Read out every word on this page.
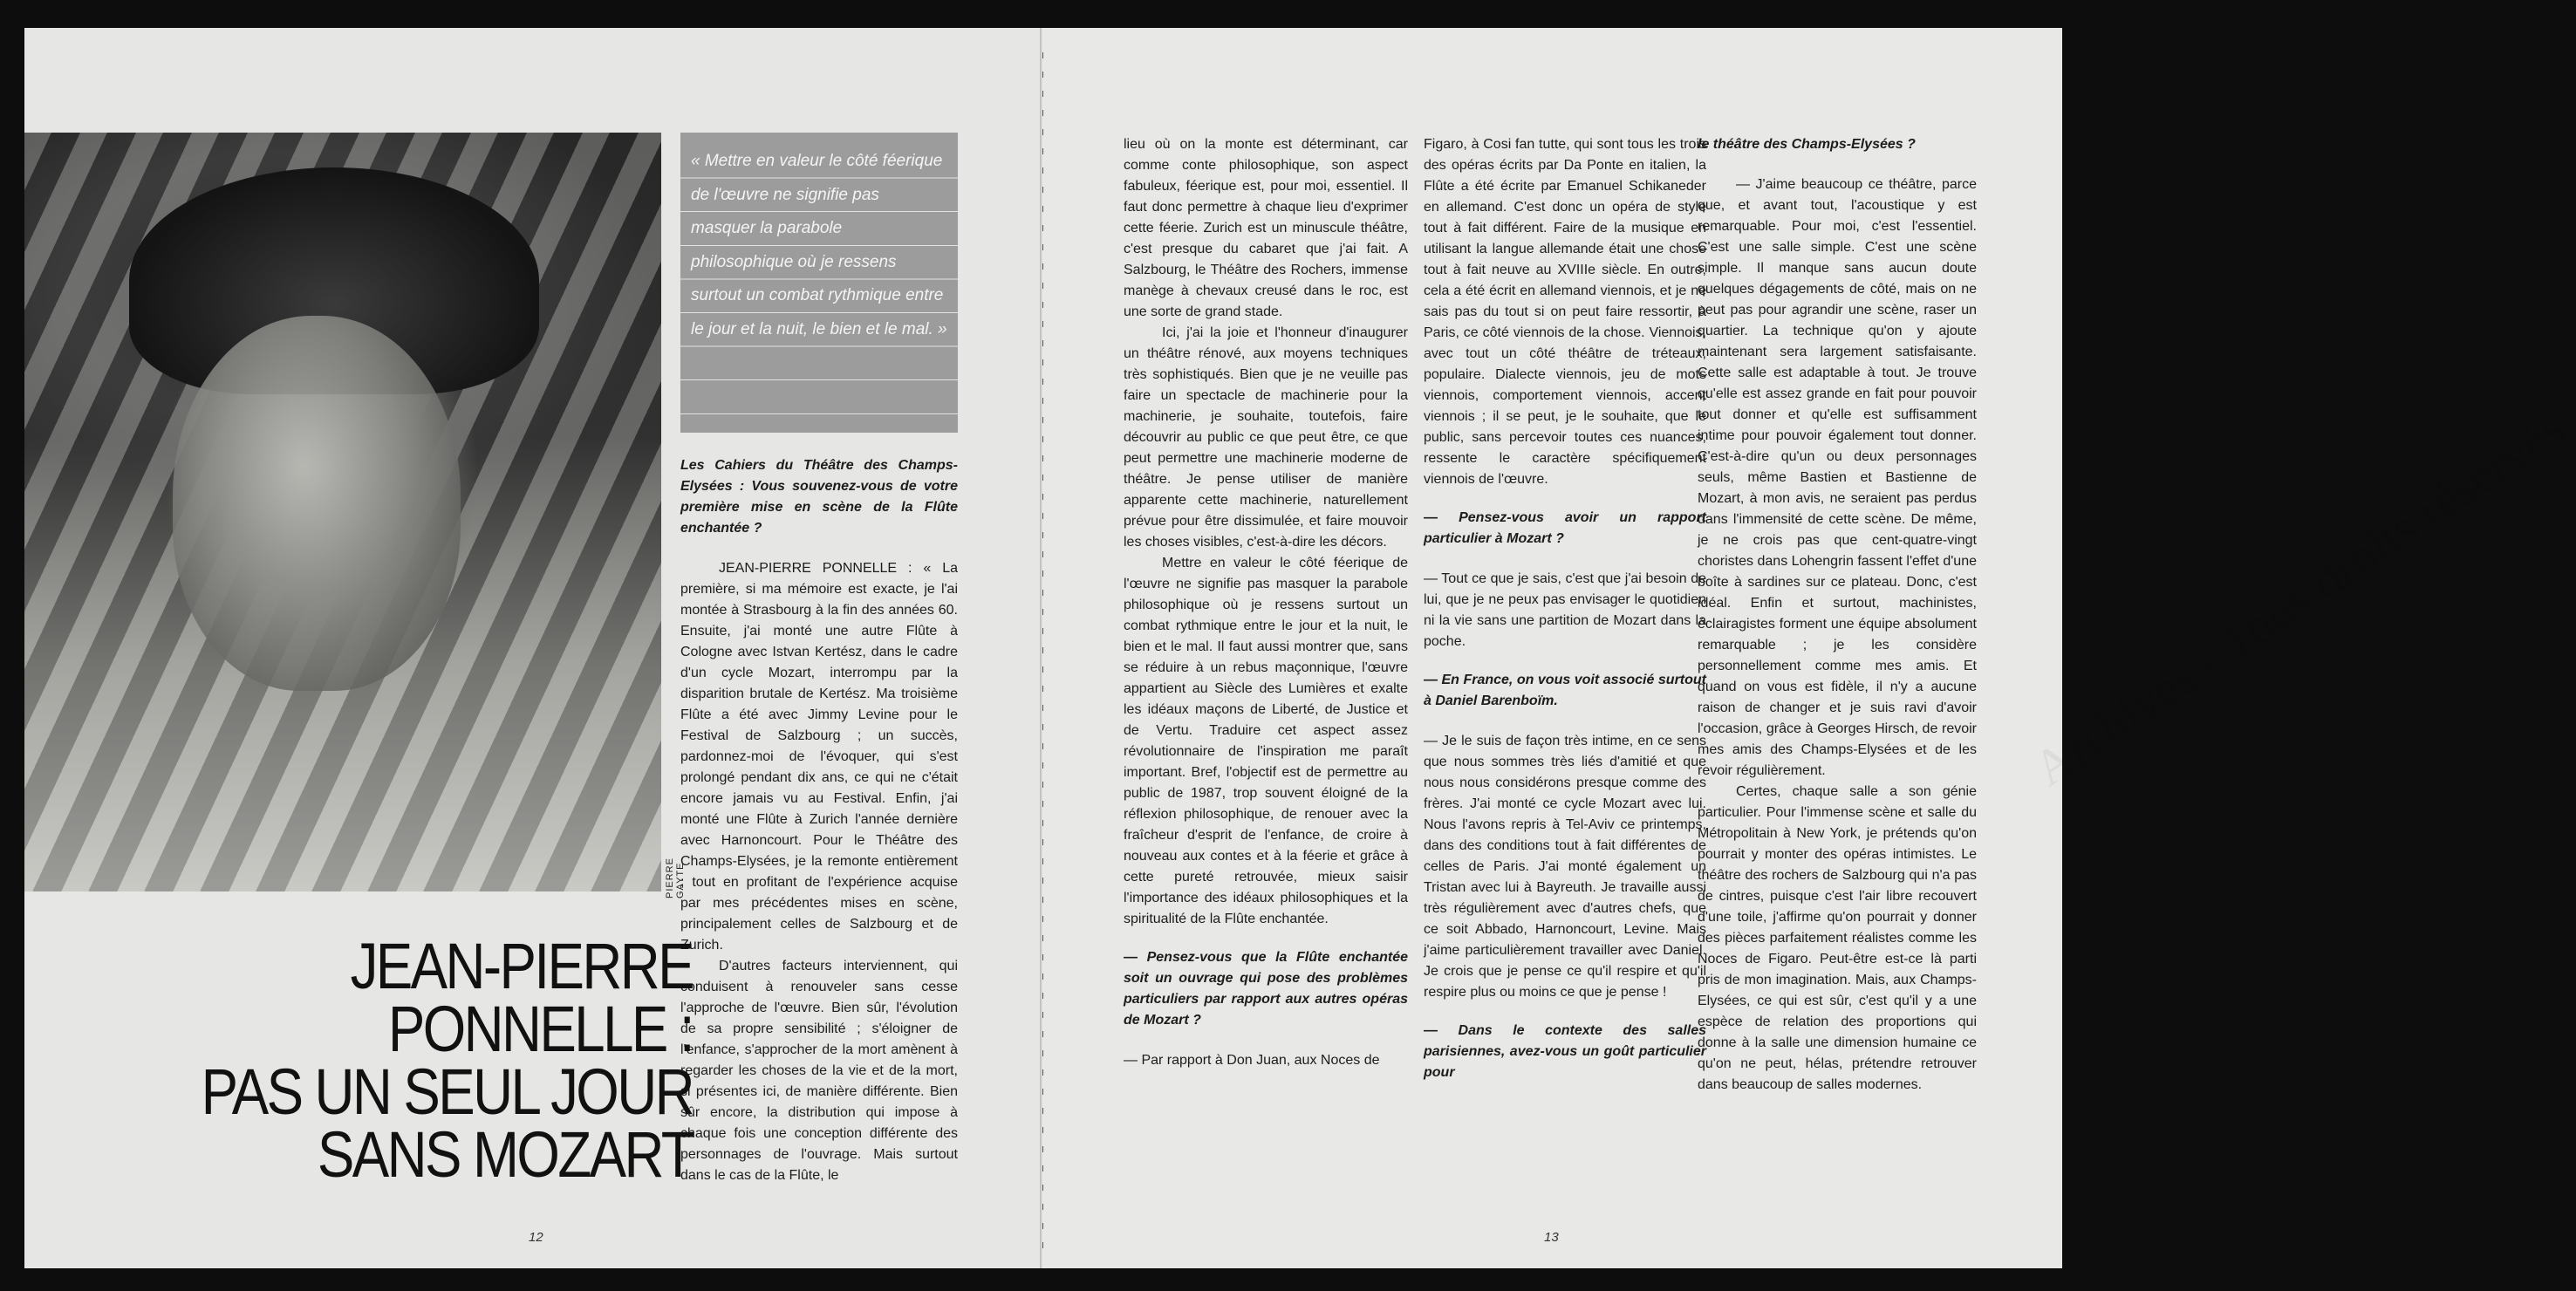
PIERRE GAYTE
« Mettre en valeur le côté féerique de l'œuvre ne signifie pas masquer la parabole philosophique où je ressens surtout un combat rythmique entre le jour et la nuit, le bien et le mal. »

Les Cahiers du Théâtre des Champs-Elysées : Vous souvenez-vous de votre première mise en scène de la Flûte enchantée ?

JEAN-PIERRE PONNELLE : « La première, si ma mémoire est exacte, je l'ai montée à Strasbourg à la fin des années 60. Ensuite, j'ai monté une autre Flûte à Cologne avec Istvan Kertész, dans le cadre d'un cycle Mozart, interrompu par la disparition brutale de Kertész. Ma troisième Flûte a été avec Jimmy Levine pour le Festival de Salzbourg ; un succès, pardonnez-moi de l'évoquer, qui s'est prolongé pendant dix ans, ce qui ne c'était encore jamais vu au Festival. Enfin, j'ai monté une Flûte à Zurich l'année dernière avec Harnoncourt. Pour le Théâtre des Champs-Elysées, je la remonte entièrement ; tout en profitant de l'expérience acquise par mes précédentes mises en scène, principalement celles de Salzbourg et de Zurich.

D'autres facteurs interviennent, qui conduisent à renouveler sans cesse l'approche de l'œuvre. Bien sûr, l'évolution de sa propre sensibilité ; s'éloigner de l'enfance, s'approcher de la mort amènent à regarder les choses de la vie et de la mort, si présentes ici, de manière différente. Bien sûr encore, la distribution qui impose à chaque fois une conception différente des personnages de l'ouvrage. Mais surtout dans le cas de la Flûte, le

JEAN-PIERRE
PONNELLE :
PAS UN SEUL JOUR
SANS MOZART
12
Archives - Tous droits réservés
13

lieu où on la monte est déterminant, car comme conte philosophique, son aspect fabuleux, féerique est, pour moi, essentiel. Il faut donc permettre à chaque lieu d'exprimer cette féerie. Zurich est un minuscule théâtre, c'est presque du cabaret que j'ai fait. A Salzbourg, le Théâtre des Rochers, immense manège à chevaux creusé dans le roc, est une sorte de grand stade.

Ici, j'ai la joie et l'honneur d'inaugurer un théâtre rénové, aux moyens techniques très sophistiqués. Bien que je ne veuille pas faire un spectacle de machinerie pour la machinerie, je souhaite, toutefois, faire découvrir au public ce que peut être, ce que peut permettre une machinerie moderne de théâtre. Je pense utiliser de manière apparente cette machinerie, naturellement prévue pour être dissimulée, et faire mouvoir les choses visibles, c'est-à-dire les décors.

Mettre en valeur le côté féerique de l'œuvre ne signifie pas masquer la parabole philosophique où je ressens surtout un combat rythmique entre le jour et la nuit, le bien et le mal. Il faut aussi montrer que, sans se réduire à un rebus maçonnique, l'œuvre appartient au Siècle des Lumières et exalte les idéaux maçons de Liberté, de Justice et de Vertu. Traduire cet aspect assez révolutionnaire de l'inspiration me paraît important. Bref, l'objectif est de permettre au public de 1987, trop souvent éloigné de la réflexion philosophique, de renouer avec la fraîcheur d'esprit de l'enfance, de croire à nouveau aux contes et à la féerie et grâce à cette pureté retrouvée, mieux saisir l'importance des idéaux philosophiques et la spiritualité de la Flûte enchantée.

— Pensez-vous que la Flûte enchantée soit un ouvrage qui pose des problèmes particuliers par rapport aux autres opéras de Mozart ?

— Par rapport à Don Juan, aux Noces de

Figaro, à Cosi fan tutte, qui sont tous les trois des opéras écrits par Da Ponte en italien, la Flûte a été écrite par Emanuel Schikaneder en allemand. C'est donc un opéra de style tout à fait différent. Faire de la musique en utilisant la langue allemande était une chose tout à fait neuve au XVIIIe siècle. En outre, cela a été écrit en allemand viennois, et je ne sais pas du tout si on peut faire ressortir, à Paris, ce côté viennois de la chose. Viennois, avec tout un côté théâtre de tréteaux, populaire. Dialecte viennois, jeu de mots viennois, comportement viennois, accent viennois ; il se peut, je le souhaite, que le public, sans percevoir toutes ces nuances, ressente le caractère spécifiquement viennois de l'œuvre.

— Pensez-vous avoir un rapport particulier à Mozart ?

— Tout ce que je sais, c'est que j'ai besoin de lui, que je ne peux pas envisager le quotidien ni la vie sans une partition de Mozart dans la poche.

— En France, on vous voit associé surtout à Daniel Barenboïm.

— Je le suis de façon très intime, en ce sens que nous sommes très liés d'amitié et que nous nous considérons presque comme des frères. J'ai monté ce cycle Mozart avec lui. Nous l'avons repris à Tel-Aviv ce printemps, dans des conditions tout à fait différentes de celles de Paris. J'ai monté également un Tristan avec lui à Bayreuth. Je travaille aussi très régulièrement avec d'autres chefs, que ce soit Abbado, Harnoncourt, Levine. Mais j'aime particulièrement travailler avec Daniel. Je crois que je pense ce qu'il respire et qu'il respire plus ou moins ce que je pense !

— Dans le contexte des salles parisiennes, avez-vous un goût particulier pour

le théâtre des Champs-Elysées ?

— J'aime beaucoup ce théâtre, parce que, et avant tout, l'acoustique y est remarquable. Pour moi, c'est l'essentiel. C'est une salle simple. C'est une scène simple. Il manque sans aucun doute quelques dégagements de côté, mais on ne peut pas pour agrandir une scène, raser un quartier. La technique qu'on y ajoute maintenant sera largement satisfaisante. Cette salle est adaptable à tout. Je trouve qu'elle est assez grande en fait pour pouvoir tout donner et qu'elle est suffisamment intime pour pouvoir également tout donner. C'est-à-dire qu'un ou deux personnages seuls, même Bastien et Bastienne de Mozart, à mon avis, ne seraient pas perdus dans l'immensité de cette scène. De même, je ne crois pas que cent-quatre-vingt choristes dans Lohengrin fassent l'effet d'une boîte à sardines sur ce plateau. Donc, c'est idéal. Enfin et surtout, machinistes, éclairagistes forment une équipe absolument remarquable ; je les considère personnellement comme mes amis. Et quand on vous est fidèle, il n'y a aucune raison de changer et je suis ravi d'avoir l'occasion, grâce à Georges Hirsch, de revoir mes amis des Champs-Elysées et de les revoir régulièrement.

Certes, chaque salle a son génie particulier. Pour l'immense scène et salle du Métropolitain à New York, je prétends qu'on pourrait y monter des opéras intimistes. Le théâtre des rochers de Salzbourg qui n'a pas de cintres, puisque c'est l'air libre recouvert d'une toile, j'affirme qu'on pourrait y donner des pièces parfaitement réalistes comme les Noces de Figaro. Peut-être est-ce là parti pris de mon imagination. Mais, aux Champs-Elysées, ce qui est sûr, c'est qu'il y a une espèce de relation des proportions qui donne à la salle une dimension humaine ce qu'on ne peut, hélas, prétendre retrouver dans beaucoup de salles modernes.
